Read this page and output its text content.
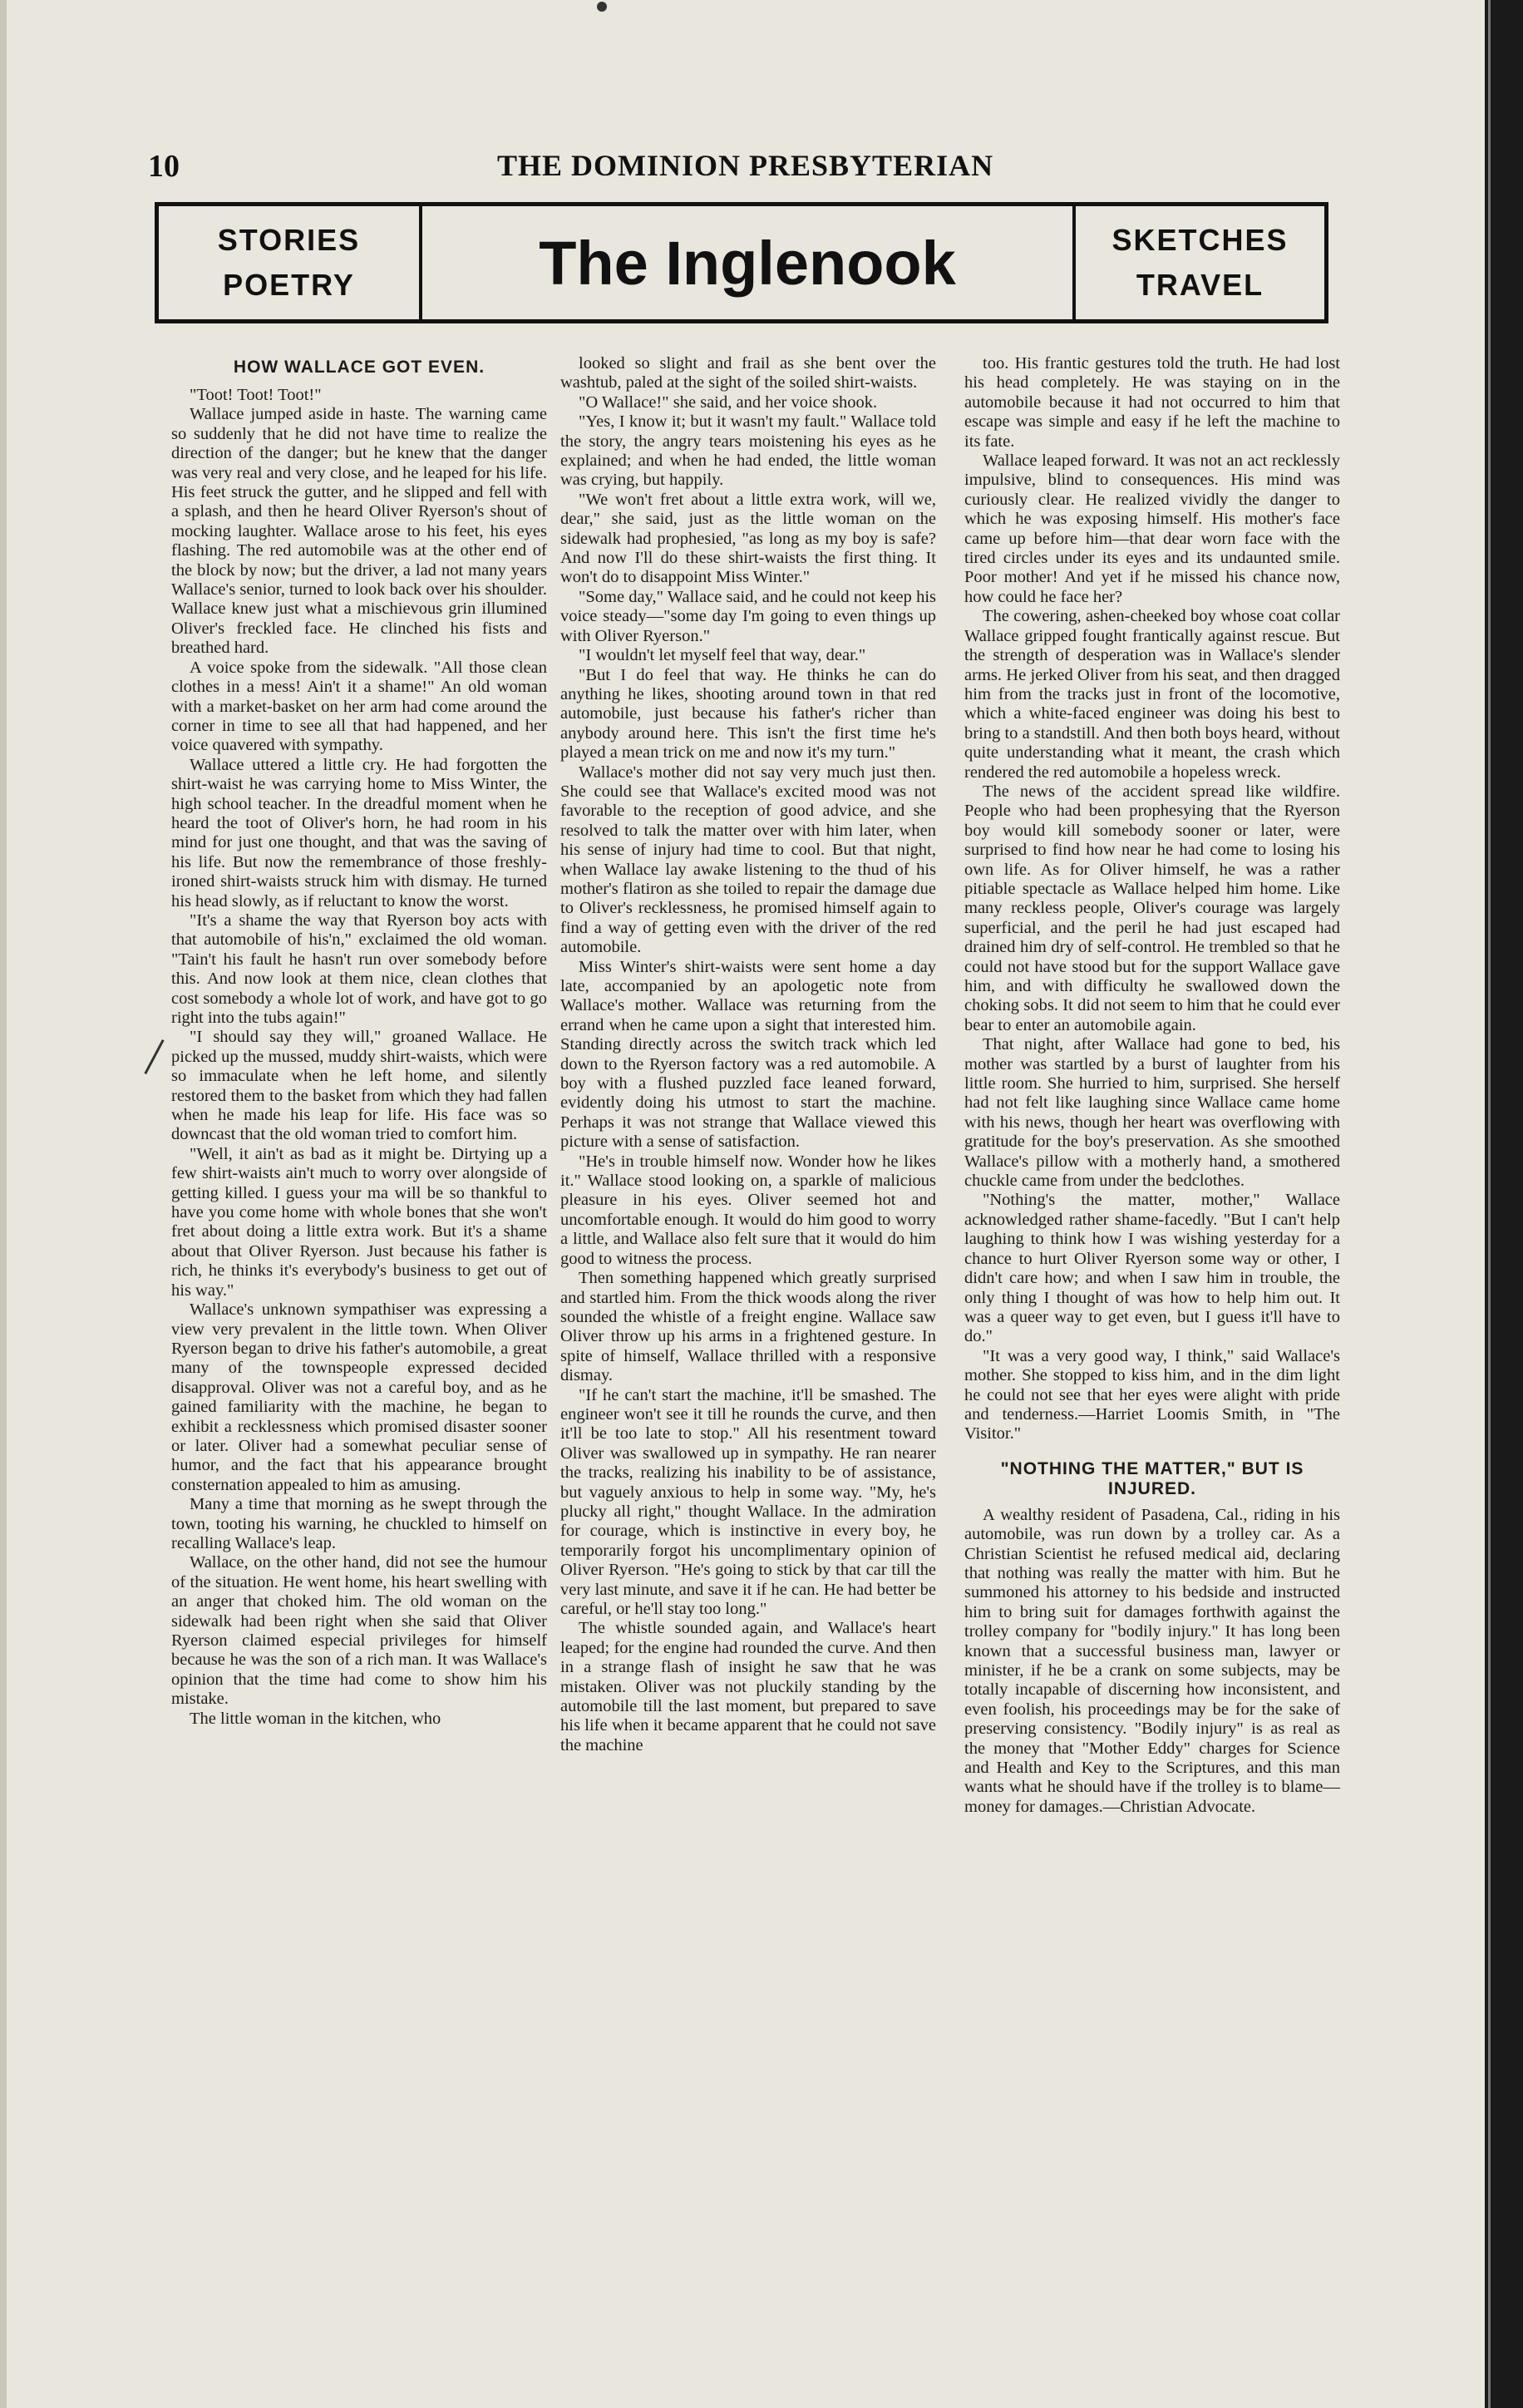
10	THE DOMINION PRESBYTERIAN
STORIES
POETRY	The Inglenook	SKETCHES
TRAVEL
HOW WALLACE GOT EVEN.

"Toot! Toot! Toot!"

Wallace jumped aside in haste. The warning came so suddenly that he did not have time to realize the direction of the danger; but he knew that the danger was very real and very close, and he leaped for his life. His feet struck the gutter, and he slipped and fell with a splash, and then he heard Oliver Ryerson's shout of mocking laughter. Wallace arose to his feet, his eyes flashing. The red automobile was at the other end of the block by now; but the driver, a lad not many years Wallace's senior, turned to look back over his shoulder. Wallace knew just what a mischievous grin illumined Oliver's freckled face. He clinched his fists and breathed hard.

A voice spoke from the sidewalk. "All those clean clothes in a mess! Ain't it a shame!" An old woman with a market-basket on her arm had come around the corner in time to see all that had happened, and her voice quavered with sympathy.

Wallace uttered a little cry. He had forgotten the shirt-waist he was carrying home to Miss Winter, the high school teacher. In the dreadful moment when he heard the toot of Oliver's horn, he had room in his mind for just one thought, and that was the saving of his life. But now the remembrance of those freshly-ironed shirt-waists struck him with dismay. He turned his head slowly, as if reluctant to know the worst.

"It's a shame the way that Ryerson boy acts with that automobile of his'n," exclaimed the old woman. "Tain't his fault he hasn't run over somebody before this. And now look at them nice, clean clothes that cost somebody a whole lot of work, and have got to go right into the tubs again!"

"I should say they will," groaned Wallace. He picked up the mussed, muddy shirt-waists, which were so immaculate when he left home, and silently restored them to the basket from which they had fallen when he made his leap for life. His face was so downcast that the old woman tried to comfort him.

"Well, it ain't as bad as it might be. Dirtying up a few shirt-waists ain't much to worry over alongside of getting killed. I guess your ma will be so thankful to have you come home with whole bones that she won't fret about doing a little extra work. But it's a shame about that Oliver Ryerson. Just because his father is rich, he thinks it's everybody's business to get out of his way."

Wallace's unknown sympathiser was expressing a view very prevalent in the little town. When Oliver Ryerson began to drive his father's automobile, a great many of the townspeople expressed decided disapproval. Oliver was not a careful boy, and as he gained familiarity with the machine, he began to exhibit a recklessness which promised disaster sooner or later. Oliver had a somewhat peculiar sense of humor, and the fact that his appearance brought consternation appealed to him as amusing.

Many a time that morning as he swept through the town, tooting his warning, he chuckled to himself on recalling Wallace's leap.

Wallace, on the other hand, did not see the humour of the situation. He went home, his heart swelling with an anger that choked him. The old woman on the sidewalk had been right when she said that Oliver Ryerson claimed especial privileges for himself because he was the son of a rich man. It was Wallace's opinion that the time had come to show him his mistake.

The little woman in the kitchen, who

looked so slight and frail as she bent over the washtub, paled at the sight of the soiled shirt-waists.

"O Wallace!" she said, and her voice shook.

"Yes, I know it; but it wasn't my fault." Wallace told the story, the angry tears moistening his eyes as he explained; and when he had ended, the little woman was crying, but happily.

"We won't fret about a little extra work, will we, dear," she said, just as the little woman on the sidewalk had prophesied, "as long as my boy is safe? And now I'll do these shirt-waists the first thing. It won't do to disappoint Miss Winter."

"Some day," Wallace said, and he could not keep his voice steady—"some day I'm going to even things up with Oliver Ryerson."

"I wouldn't let myself feel that way, dear."

"But I do feel that way. He thinks he can do anything he likes, shooting around town in that red automobile, just because his father's richer than anybody around here. This isn't the first time he's played a mean trick on me and now it's my turn."

Wallace's mother did not say very much just then. She could see that Wallace's excited mood was not favorable to the reception of good advice, and she resolved to talk the matter over with him later, when his sense of injury had time to cool. But that night, when Wallace lay awake listening to the thud of his mother's flatiron as she toiled to repair the damage due to Oliver's recklessness, he promised himself again to find a way of getting even with the driver of the red automobile.

Miss Winter's shirt-waists were sent home a day late, accompanied by an apologetic note from Wallace's mother. Wallace was returning from the errand when he came upon a sight that interested him. Standing directly across the switch track which led down to the Ryerson factory was a red automobile. A boy with a flushed puzzled face leaned forward, evidently doing his utmost to start the machine. Perhaps it was not strange that Wallace viewed this picture with a sense of satisfaction.

"He's in trouble himself now. Wonder how he likes it." Wallace stood looking on, a sparkle of malicious pleasure in his eyes. Oliver seemed hot and uncomfortable enough. It would do him good to worry a little, and Wallace also felt sure that it would do him good to witness the process.

Then something happened which greatly surprised and startled him. From the thick woods along the river sounded the whistle of a freight engine. Wallace saw Oliver throw up his arms in a frightened gesture. In spite of himself, Wallace thrilled with a responsive dismay.

"If he can't start the machine, it'll be smashed. The engineer won't see it till he rounds the curve, and then it'll be too late to stop." All his resentment toward Oliver was swallowed up in sympathy. He ran nearer the tracks, realizing his inability to be of assistance, but vaguely anxious to help in some way. "My, he's plucky all right," thought Wallace. In the admiration for courage, which is instinctive in every boy, he temporarily forgot his uncomplimentary opinion of Oliver Ryerson. "He's going to stick by that car till the very last minute, and save it if he can. He had better be careful, or he'll stay too long."

The whistle sounded again, and Wallace's heart leaped; for the engine had rounded the curve. And then in a strange flash of insight he saw that he was mistaken. Oliver was not pluckily standing by the automobile till the last moment, but prepared to save his life when it became apparent that he could not save the machine

too. His frantic gestures told the truth. He had lost his head completely. He was staying on in the automobile because it had not occurred to him that escape was simple and easy if he left the machine to its fate.

Wallace leaped forward. It was not an act recklessly impulsive, blind to consequences. His mind was curiously clear. He realized vividly the danger to which he was exposing himself. His mother's face came up before him—that dear worn face with the tired circles under its eyes and its undaunted smile. Poor mother! And yet if he missed his chance now, how could he face her?

The cowering, ashen-cheeked boy whose coat collar Wallace gripped fought frantically against rescue. But the strength of desperation was in Wallace's slender arms. He jerked Oliver from his seat, and then dragged him from the tracks just in front of the locomotive, which a white-faced engineer was doing his best to bring to a standstill. And then both boys heard, without quite understanding what it meant, the crash which rendered the red automobile a hopeless wreck.

The news of the accident spread like wildfire. People who had been prophesying that the Ryerson boy would kill somebody sooner or later, were surprised to find how near he had come to losing his own life. As for Oliver himself, he was a rather pitiable spectacle as Wallace helped him home. Like many reckless people, Oliver's courage was largely superficial, and the peril he had just escaped had drained him dry of self-control. He trembled so that he could not have stood but for the support Wallace gave him, and with difficulty he swallowed down the choking sobs. It did not seem to him that he could ever bear to enter an automobile again.

That night, after Wallace had gone to bed, his mother was startled by a burst of laughter from his little room. She hurried to him, surprised. She herself had not felt like laughing since Wallace came home with his news, though her heart was overflowing with gratitude for the boy's preservation. As she smoothed Wallace's pillow with a motherly hand, a smothered chuckle came from under the bedclothes.

"Nothing's the matter, mother," Wallace acknowledged rather shame-facedly. "But I can't help laughing to think how I was wishing yesterday for a chance to hurt Oliver Ryerson some way or other, I didn't care how; and when I saw him in trouble, the only thing I thought of was how to help him out. It was a queer way to get even, but I guess it'll have to do."

"It was a very good way, I think," said Wallace's mother. She stopped to kiss him, and in the dim light he could not see that her eyes were alight with pride and tenderness.—Harriet Loomis Smith, in "The Visitor."

"NOTHING THE MATTER," BUT IS INJURED.

A wealthy resident of Pasadena, Cal., riding in his automobile, was run down by a trolley car. As a Christian Scientist he refused medical aid, declaring that nothing was really the matter with him. But he summoned his attorney to his bedside and instructed him to bring suit for damages forthwith against the trolley company for "bodily injury." It has long been known that a successful business man, lawyer or minister, if he be a crank on some subjects, may be totally incapable of discerning how inconsistent, and even foolish, his proceedings may be for the sake of preserving consistency. "Bodily injury" is as real as the money that "Mother Eddy" charges for Science and Health and Key to the Scriptures, and this man wants what he should have if the trolley is to blame—money for damages.—Christian Advocate.
